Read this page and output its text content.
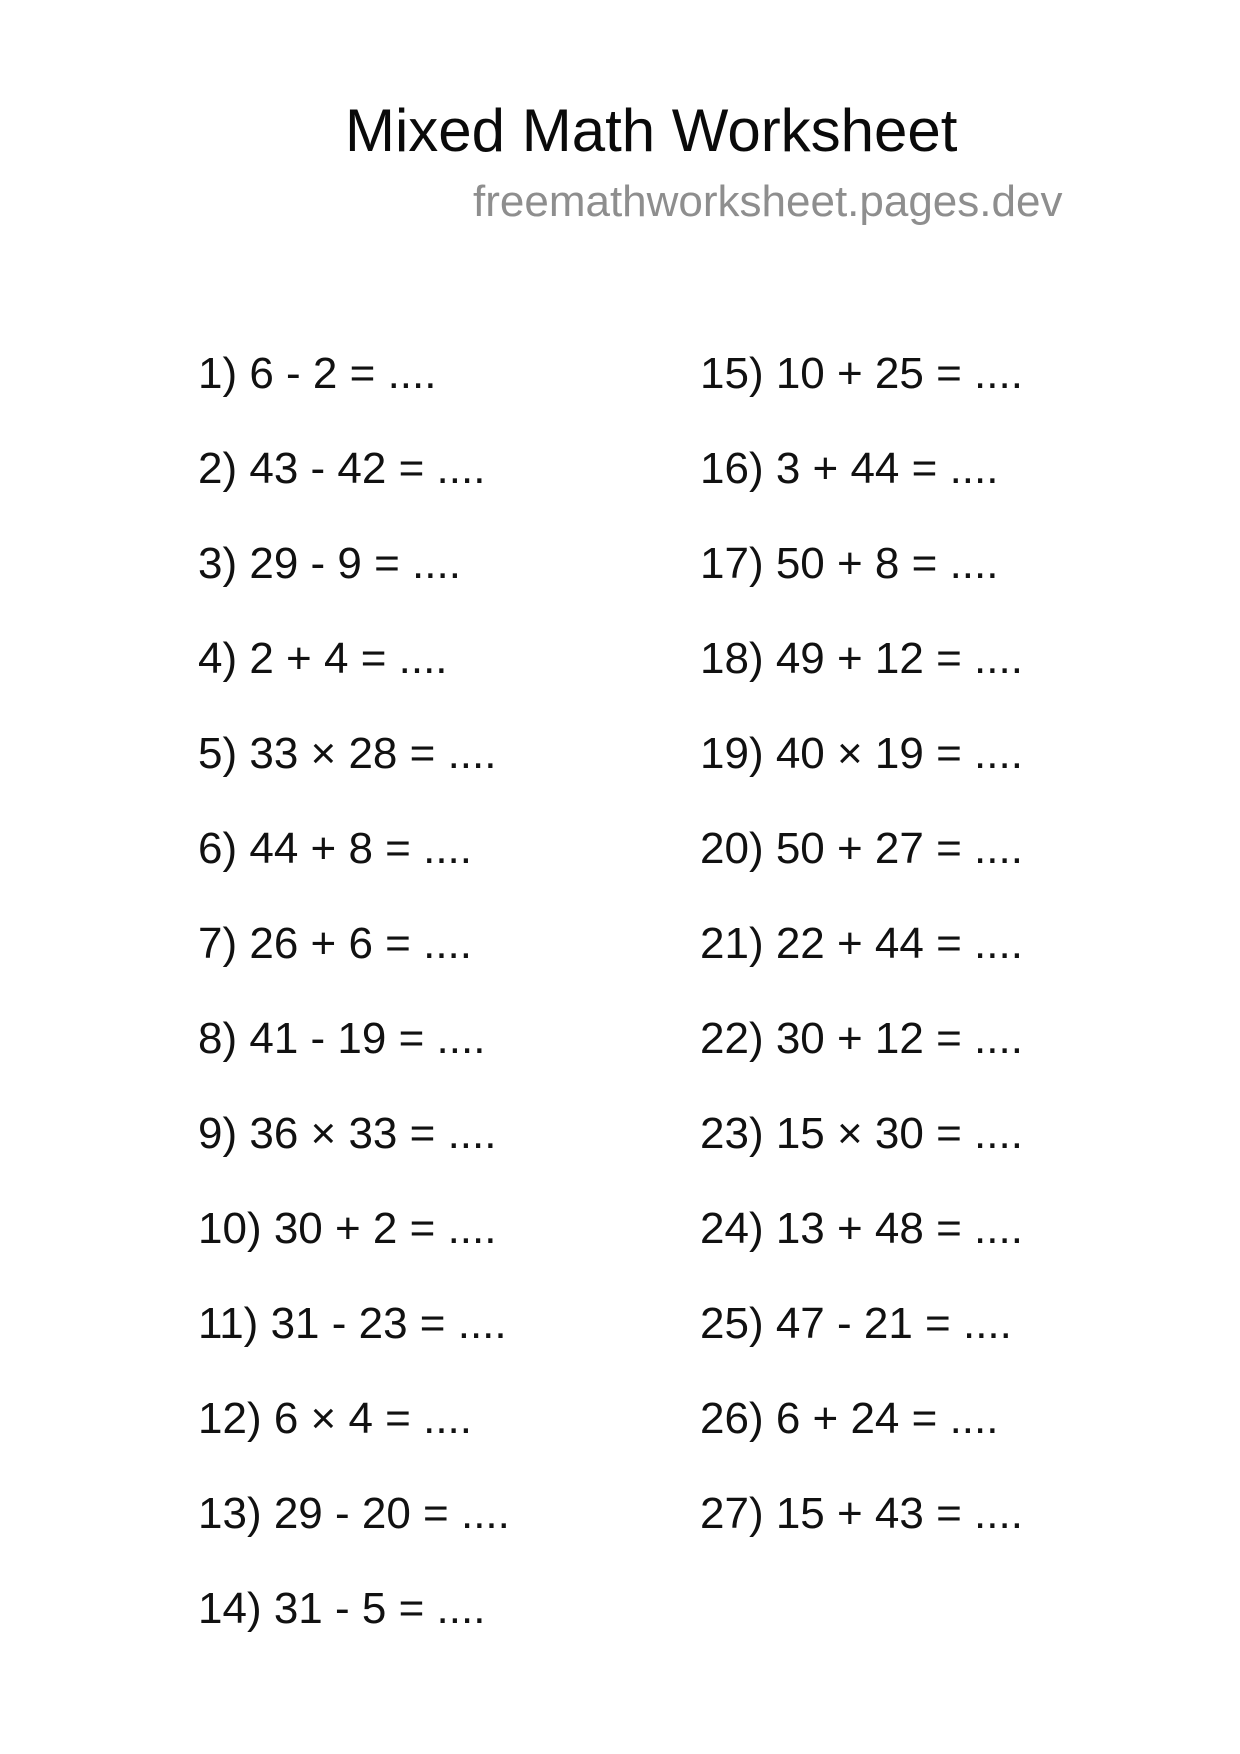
Mixed Math Worksheet
freemathworksheet.pages.dev
1) 6 - 2 = ....
2) 43 - 42 = ....
3) 29 - 9 = ....
4) 2 + 4 = ....
5) 33 × 28 = ....
6) 44 + 8 = ....
7) 26 + 6 = ....
8) 41 - 19 = ....
9) 36 × 33 = ....
10) 30 + 2 = ....
11) 31 - 23 = ....
12) 6 × 4 = ....
13) 29 - 20 = ....
14) 31 - 5 = ....
15) 10 + 25 = ....
16) 3 + 44 = ....
17) 50 + 8 = ....
18) 49 + 12 = ....
19) 40 × 19 = ....
20) 50 + 27 = ....
21) 22 + 44 = ....
22) 30 + 12 = ....
23) 15 × 30 = ....
24) 13 + 48 = ....
25) 47 - 21 = ....
26) 6 + 24 = ....
27) 15 + 43 = ....
